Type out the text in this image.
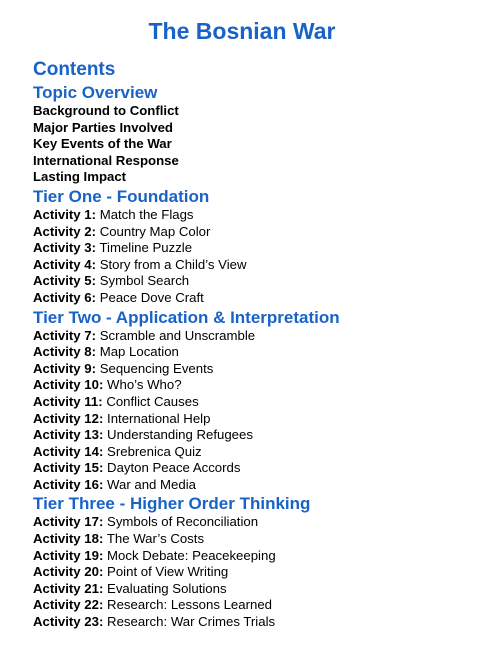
The Bosnian War
Contents
Topic Overview
Background to Conflict
Major Parties Involved
Key Events of the War
International Response
Lasting Impact
Tier One - Foundation
Activity 1: Match the Flags
Activity 2: Country Map Color
Activity 3: Timeline Puzzle
Activity 4: Story from a Child’s View
Activity 5: Symbol Search
Activity 6: Peace Dove Craft
Tier Two - Application & Interpretation
Activity 7: Scramble and Unscramble
Activity 8: Map Location
Activity 9: Sequencing Events
Activity 10: Who’s Who?
Activity 11: Conflict Causes
Activity 12: International Help
Activity 13: Understanding Refugees
Activity 14: Srebrenica Quiz
Activity 15: Dayton Peace Accords
Activity 16: War and Media
Tier Three - Higher Order Thinking
Activity 17: Symbols of Reconciliation
Activity 18: The War’s Costs
Activity 19: Mock Debate: Peacekeeping
Activity 20: Point of View Writing
Activity 21: Evaluating Solutions
Activity 22: Research: Lessons Learned
Activity 23: Research: War Crimes Trials
